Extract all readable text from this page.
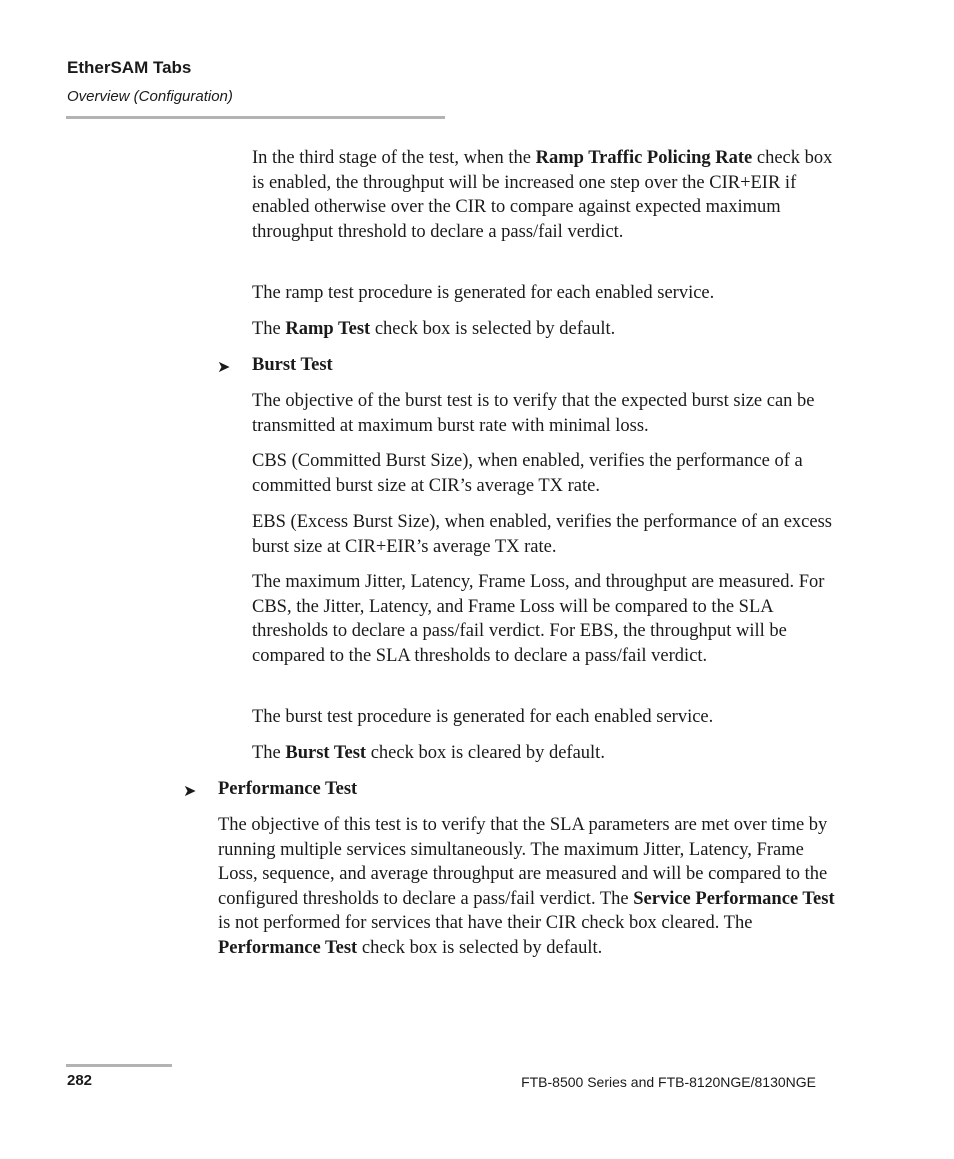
EtherSAM Tabs
Overview (Configuration)

In the third stage of the test, when the Ramp Traffic Policing Rate check box is enabled, the throughput will be increased one step over the CIR+EIR if enabled otherwise over the CIR to compare against expected maximum throughput threshold to declare a pass/fail verdict.

The ramp test procedure is generated for each enabled service.

The Ramp Test check box is selected by default.

➤ Burst Test

The objective of the burst test is to verify that the expected burst size can be transmitted at maximum burst rate with minimal loss.

CBS (Committed Burst Size), when enabled, verifies the performance of a committed burst size at CIR’s average TX rate.

EBS (Excess Burst Size), when enabled, verifies the performance of an excess burst size at CIR+EIR’s average TX rate.

The maximum Jitter, Latency, Frame Loss, and throughput are measured. For CBS, the Jitter, Latency, and Frame Loss will be compared to the SLA thresholds to declare a pass/fail verdict. For EBS, the throughput will be compared to the SLA thresholds to declare a pass/fail verdict.

The burst test procedure is generated for each enabled service.

The Burst Test check box is cleared by default.

➤ Performance Test

The objective of this test is to verify that the SLA parameters are met over time by running multiple services simultaneously. The maximum Jitter, Latency, Frame Loss, sequence, and average throughput are measured and will be compared to the configured thresholds to declare a pass/fail verdict. The Service Performance Test is not performed for services that have their CIR check box cleared. The Performance Test check box is selected by default.

282	FTB-8500 Series and FTB-8120NGE/8130NGE
